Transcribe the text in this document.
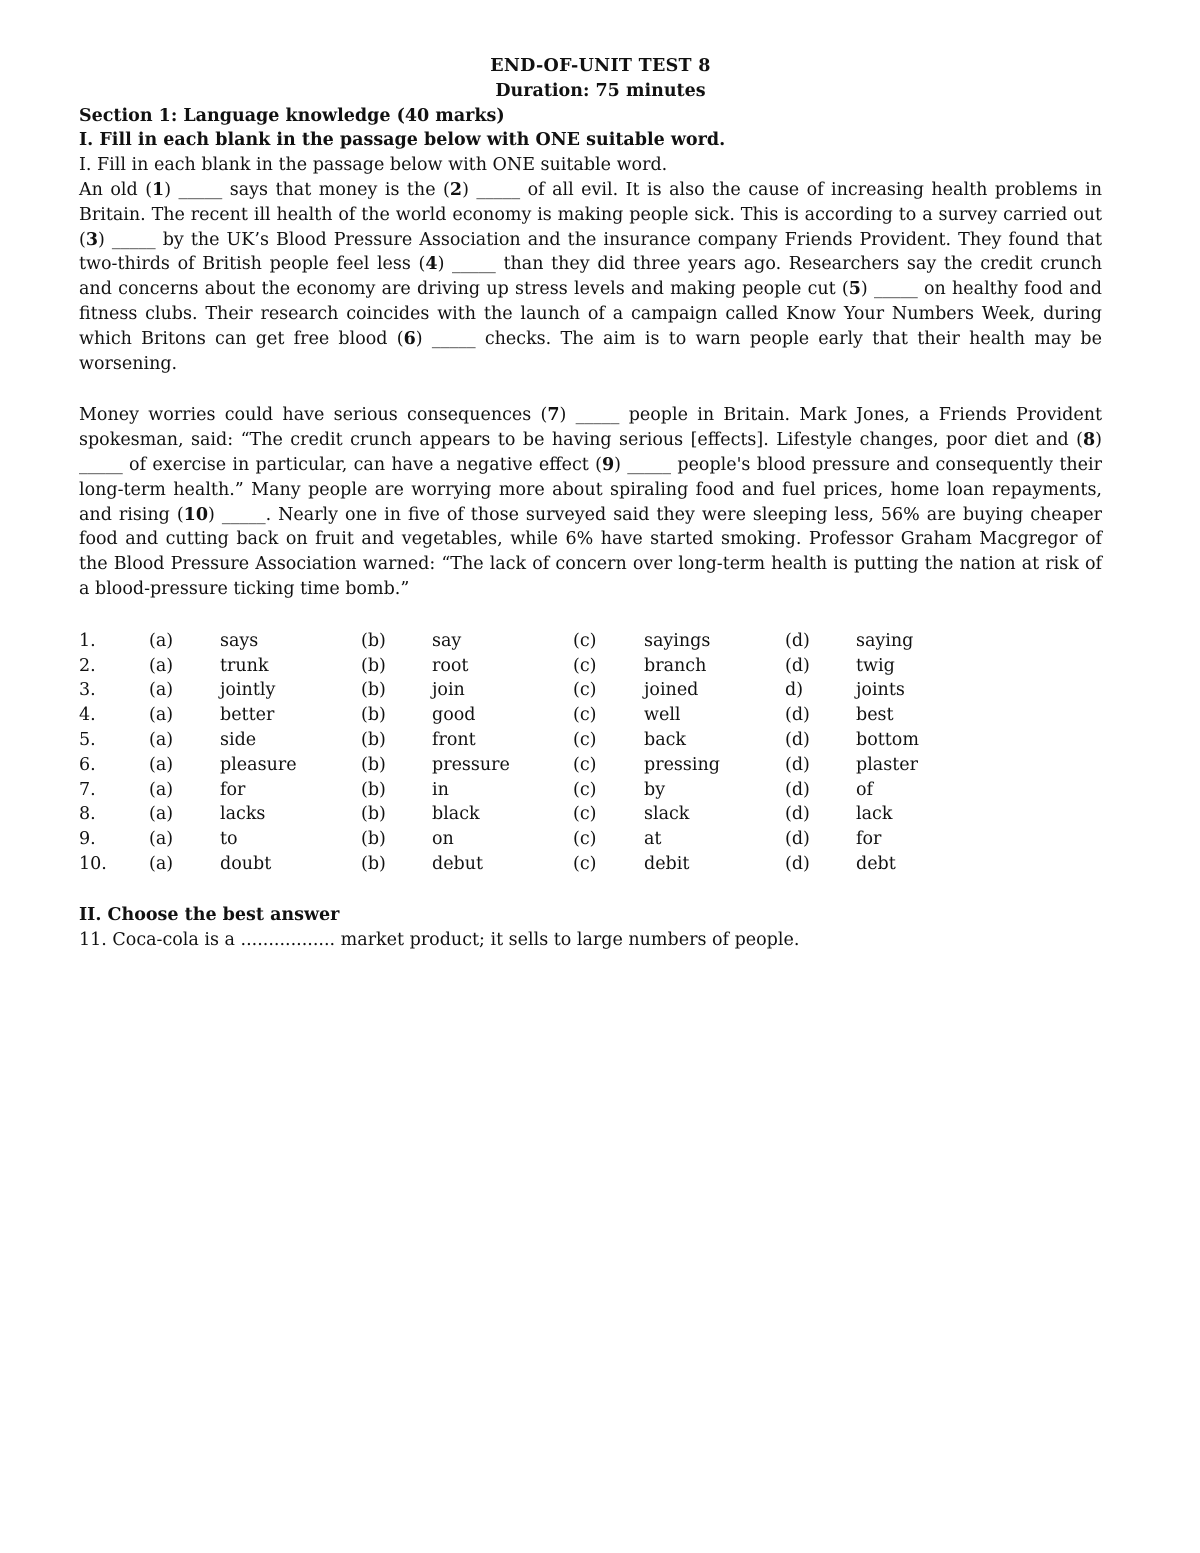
END-OF-UNIT TEST 8

Duration: 75 minutes

Section 1: Language knowledge (40 marks)

I. Fill in each blank in the passage below with ONE suitable word.

I. Fill in each blank in the passage below with ONE suitable word.

An old (1) _____ says that money is the (2) _____ of all evil. It is also the cause of increasing health problems in Britain. The recent ill health of the world economy is making people sick. This is according to a survey carried out (3) _____ by the UK’s Blood Pressure Association and the insurance company Friends Provident. They found that two-thirds of British people feel less (4) _____ than they did three years ago. Researchers say the credit crunch and concerns about the economy are driving up stress levels and making people cut (5) _____ on healthy food and fitness clubs. Their research coincides with the launch of a campaign called Know Your Numbers Week, during which Britons can get free blood (6) _____ checks. The aim is to warn people early that their health may be worsening.

Money worries could have serious consequences (7) _____ people in Britain. Mark Jones, a Friends Provident spokesman, said: “The credit crunch appears to be having serious [effects]. Lifestyle changes, poor diet and (8) _____ of exercise in particular, can have a negative effect (9) _____ people's blood pressure and consequently their long-term health.” Many people are worrying more about spiraling food and fuel prices, home loan repayments, and rising (10) _____. Nearly one in five of those surveyed said they were sleeping less, 56% are buying cheaper food and cutting back on fruit and vegetables, while 6% have started smoking. Professor Graham Macgregor of the Blood Pressure Association warned: “The lack of concern over long-term health is putting the nation at risk of a blood-pressure ticking time bomb.”

1.	(a)	says	(b)	say	(c)	sayings	(d)	saying
2.	(a)	trunk	(b)	root	(c)	branch	(d)	twig
3.	(a)	jointly	(b)	join	(c)	joined	d)	joints
4.	(a)	better	(b)	good	(c)	well	(d)	best
5.	(a)	side	(b)	front	(c)	back	(d)	bottom
6.	(a)	pleasure	(b)	pressure	(c)	pressing	(d)	plaster
7.	(a)	for	(b)	in	(c)	by	(d)	of
8.	(a)	lacks	(b)	black	(c)	slack	(d)	lack
9.	(a)	to	(b)	on	(c)	at	(d)	for
10.	(a)	doubt	(b)	debut	(c)	debit	(d)	debt

II. Choose the best answer

11. Coca-cola is a ................. market product; it sells to large numbers of people.
